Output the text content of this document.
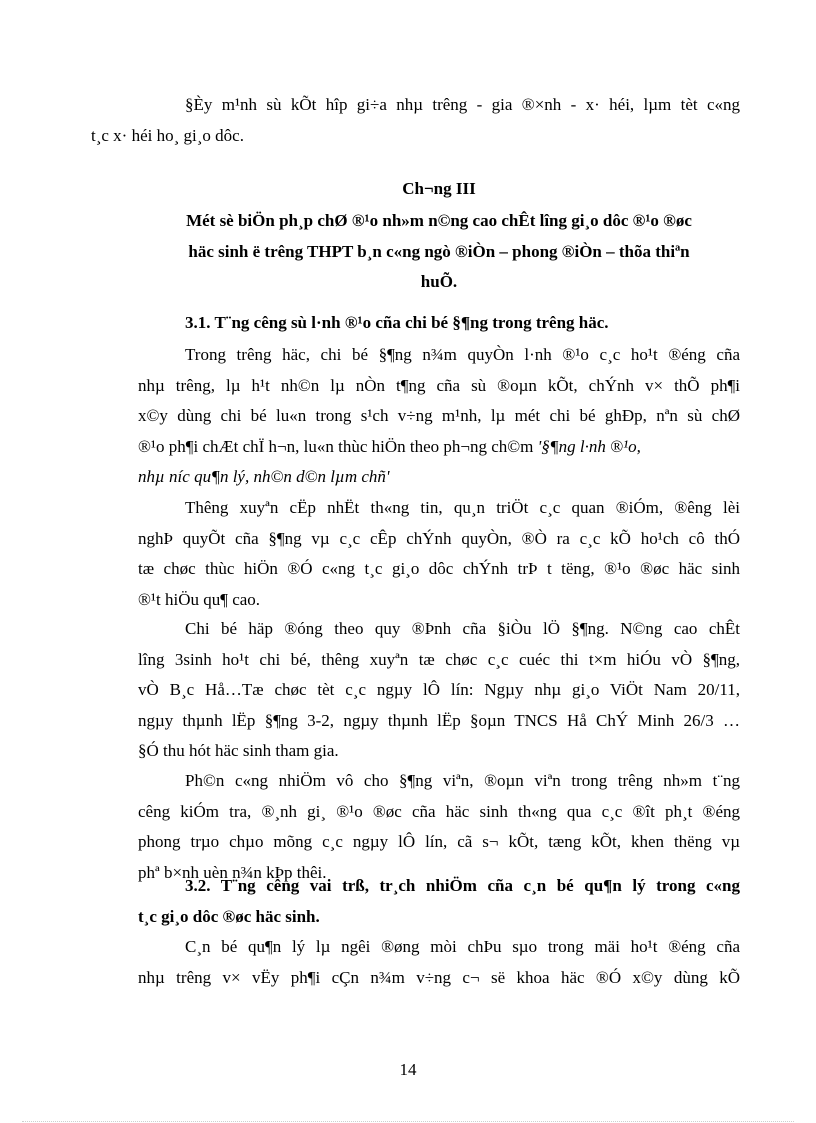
§Èy m¹nh sù kÕt hîp gi÷a nhµ trêng - gia ®×nh - x· héi, lµm tèt c«ng
t¸c x· héi ho¸ gi¸o dôc.
Ch¬ng III
Mét sè biÖn ph¸p chØ ®¹o nh»m n©ng cao chÊt lîng gi¸o dôc ®¹o ®øc
häc sinh ë trêng THPT b¸n c«ng ngò ®iÒn – phong ®iÒn – thõa thiªn
huÕ.
3.1. T¨ng cêng sù l·nh ®¹o cña chi bé §¶ng trong trêng häc.
Trong trêng häc, chi bé §¶ng n¾m quyÒn l·nh ®¹o c¸c ho¹t ®éng cña
nhµ trêng, lµ h¹t nh©n lµ nÒn t¶ng cña sù ®oµn kÕt, chÝnh v× thÕ ph¶i
x©y dùng chi bé lu«n trong s¹ch v÷ng m¹nh, lµ mét chi bé ghÐp, nªn sù chØ
®¹o ph¶i chÆt chÏ h¬n, lu«n thùc hiÖn theo ph¬ng ch©m '§¶ng l·nh ®¹o,
nhµ níc qu¶n lý, nh©n d©n lµm chñ'
Thêng xuyªn cËp nhËt th«ng tin, qu¸n triÖt c¸c quan ®iÓm, ®êng lèi
nghÞ quyÕt cña §¶ng vµ c¸c cÊp chÝnh quyÒn, ®Ò ra c¸c kÕ ho¹ch cô thÓ
tæ chøc thùc hiÖn ®Ó c«ng t¸c gi¸o dôc chÝnh trÞ t tëng, ®¹o ®øc häc sinh
®¹t hiÖu qu¶ cao.
Chi bé häp ®óng theo quy ®Þnh cña §iÒu lÖ §¶ng. N©ng cao chÊt
lîng 3sinh ho¹t chi bé, thêng xuyªn tæ chøc c¸c cuéc thi t×m hiÓu vÒ §¶ng,
vÒ B¸c Hå…Tæ chøc tèt c¸c ngµy lÔ lín: Ngµy nhµ gi¸o ViÖt Nam 20/11,
ngµy thµnh lËp §¶ng 3-2, ngµy thµnh lËp §oµn TNCS Hå ChÝ Minh 26/3 …
§Ó thu hót häc sinh tham gia.
Ph©n c«ng nhiÖm vô cho §¶ng viªn, ®oµn viªn trong trêng nh»m t¨ng
cêng kiÓm tra, ®¸nh gi¸ ®¹o ®øc cña häc sinh th«ng qua c¸c ®ît ph¸t ®éng
phong trµo chµo mõng c¸c ngµy lÔ lín, cã s¬ kÕt, tæng kÕt, khen thëng vµ
phª b×nh uèn n¾n kÞp thêi.
3.2. T¨ng cêng vai trß, tr¸ch nhiÖm cña c¸n bé qu¶n lý trong c«ng
t¸c gi¸o dôc ®øc häc sinh.
C¸n bé qu¶n lý lµ ngêi ®øng mòi chÞu sµo trong mäi ho¹t ®éng cña
nhµ trêng v× vËy ph¶i cÇn n¾m v÷ng c¬ së khoa häc ®Ó x©y dùng kÕ
14
